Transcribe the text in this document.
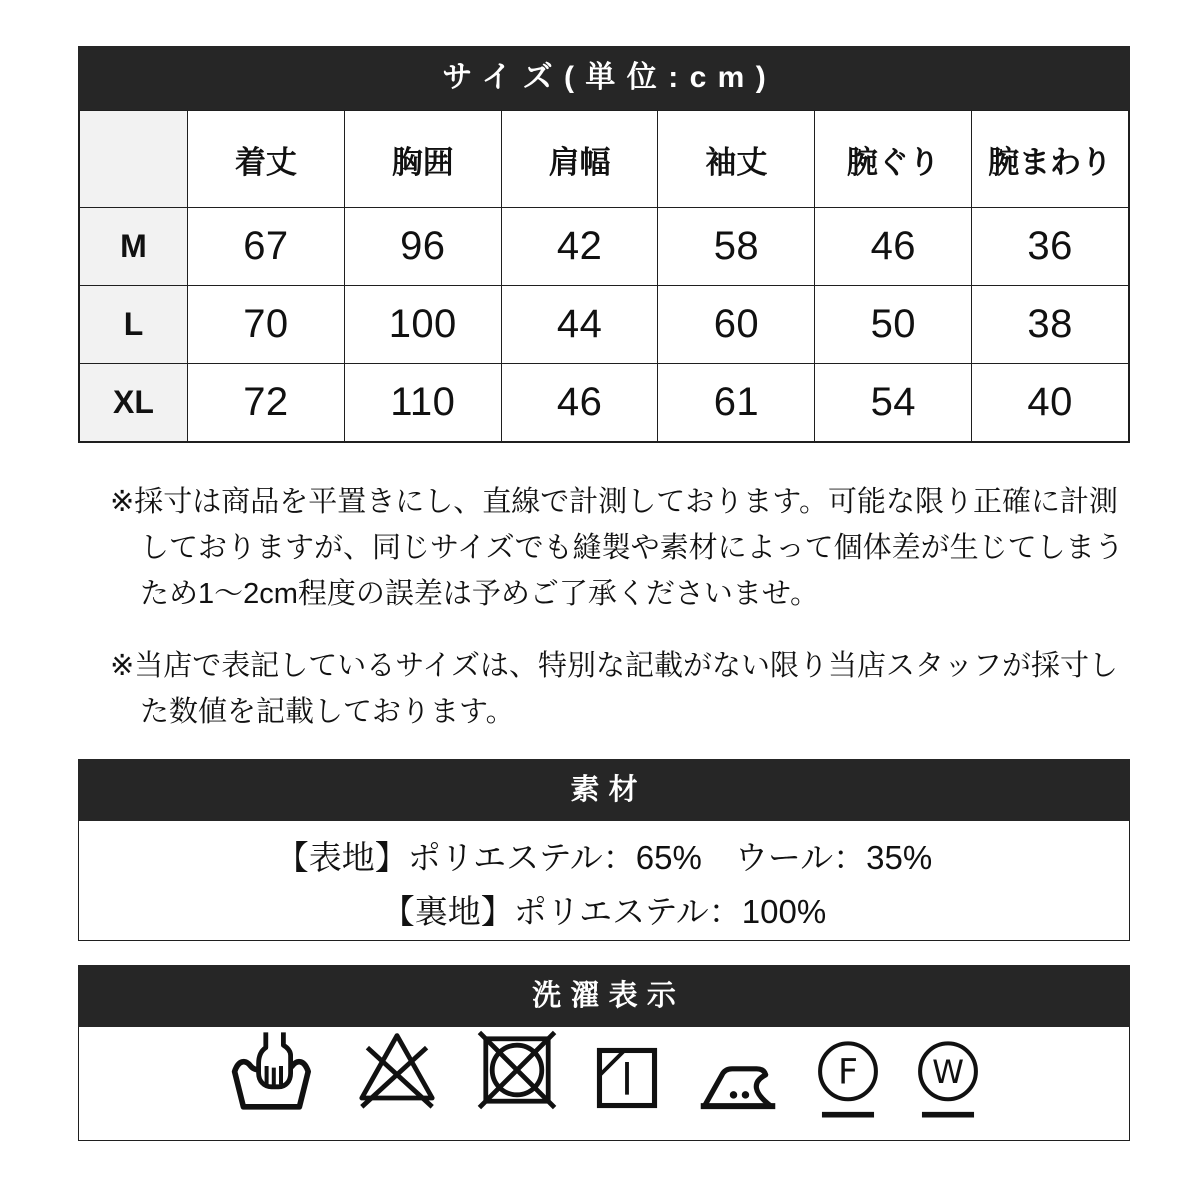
サイズ(単位:cm)
	着丈	胸囲	肩幅	袖丈	腕ぐり	腕まわり
M	67	96	42	58	46	36
L	70	100	44	60	50	38
XL	72	110	46	61	54	40

※採寸は商品を平置きにし、直線で計測しております。可能な限り正確に計測しておりますが、同じサイズでも縫製や素材によって個体差が生じてしまうため1〜2cm程度の誤差は予めご了承くださいませ。

※当店で表記しているサイズは、特別な記載がない限り当店スタッフが採寸した数値を記載しております。

素材

【表地】ポリエステル：65%　ウール：35%

【裏地】ポリエステル：100%

洗濯表示
F W
